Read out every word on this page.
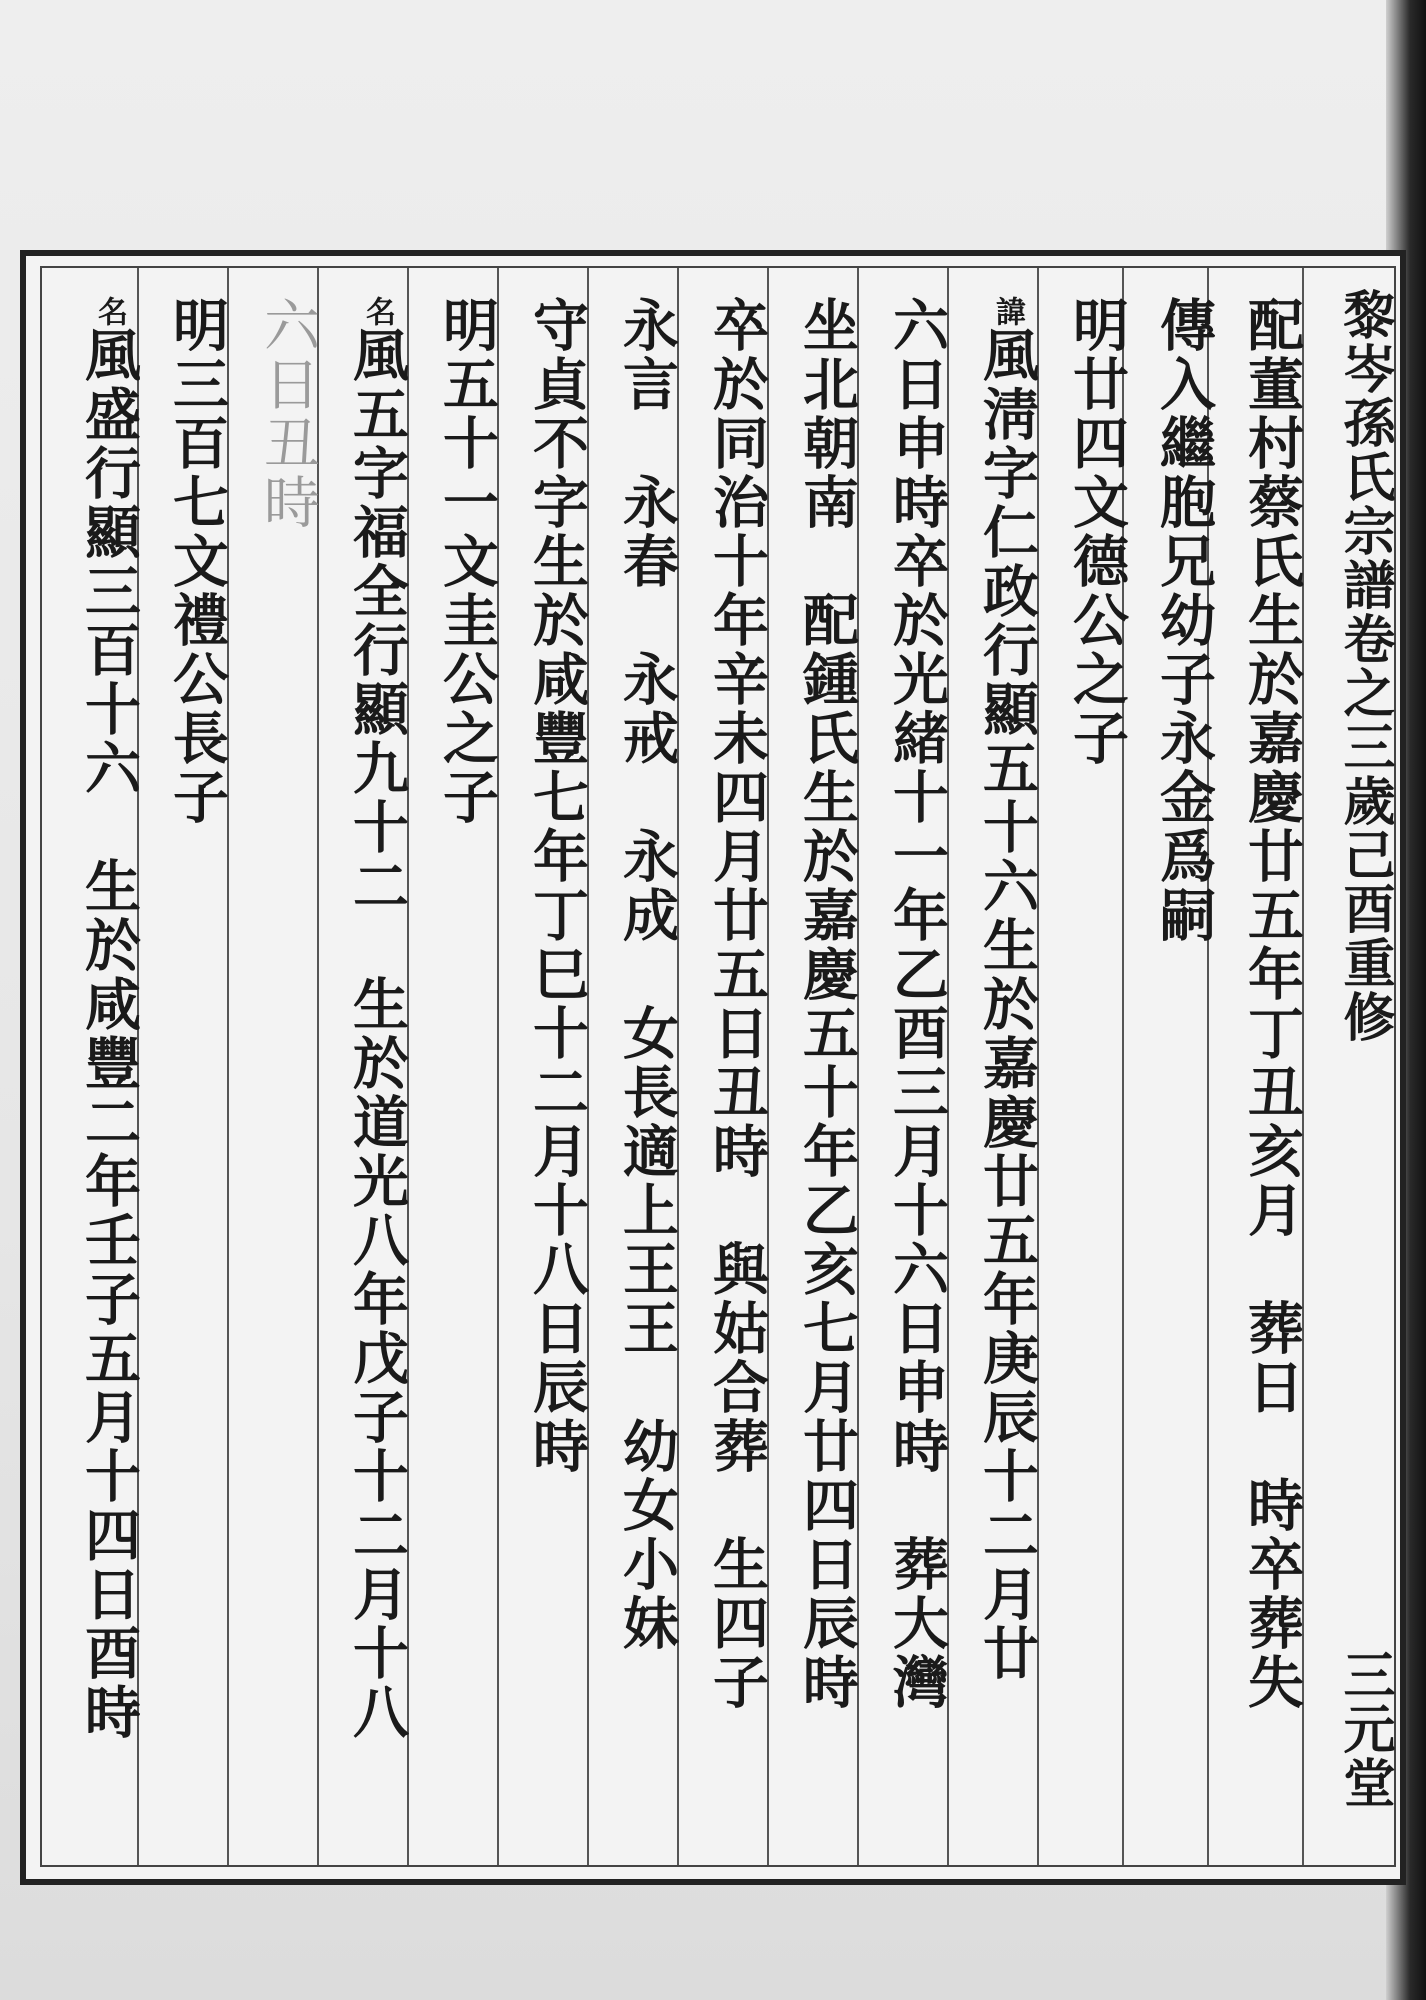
黎岑孫氏宗譜卷之三歲己酉重修
三元堂
配董村蔡氏生於嘉慶廿五年丁丑亥月　葬日　時卒葬失
傳入繼胞兄幼子永金爲嗣
明廿四文德公之子
諱風淸字仁政行顯五十六生於嘉慶廿五年庚辰十二月廿
六日申時卒於光緒十一年乙酉三月十六日申時　葬大灣
坐北朝南　配鍾氏生於嘉慶五十年乙亥七月廿四日辰時
卒於同治十年辛未四月廿五日丑時　與姑合葬　生四子
永言　永春　永戒　永成　女長適上王王　幼女小妹
守貞不字生於咸豐七年丁巳十二月十八日辰時
明五十一文圭公之子
名風五字福全行顯九十二　生於道光八年戊子十二月十八
六日丑時
明三百七文禮公長子
名風盛行顯三百十六　生於咸豐二年壬子五月十四日酉時
